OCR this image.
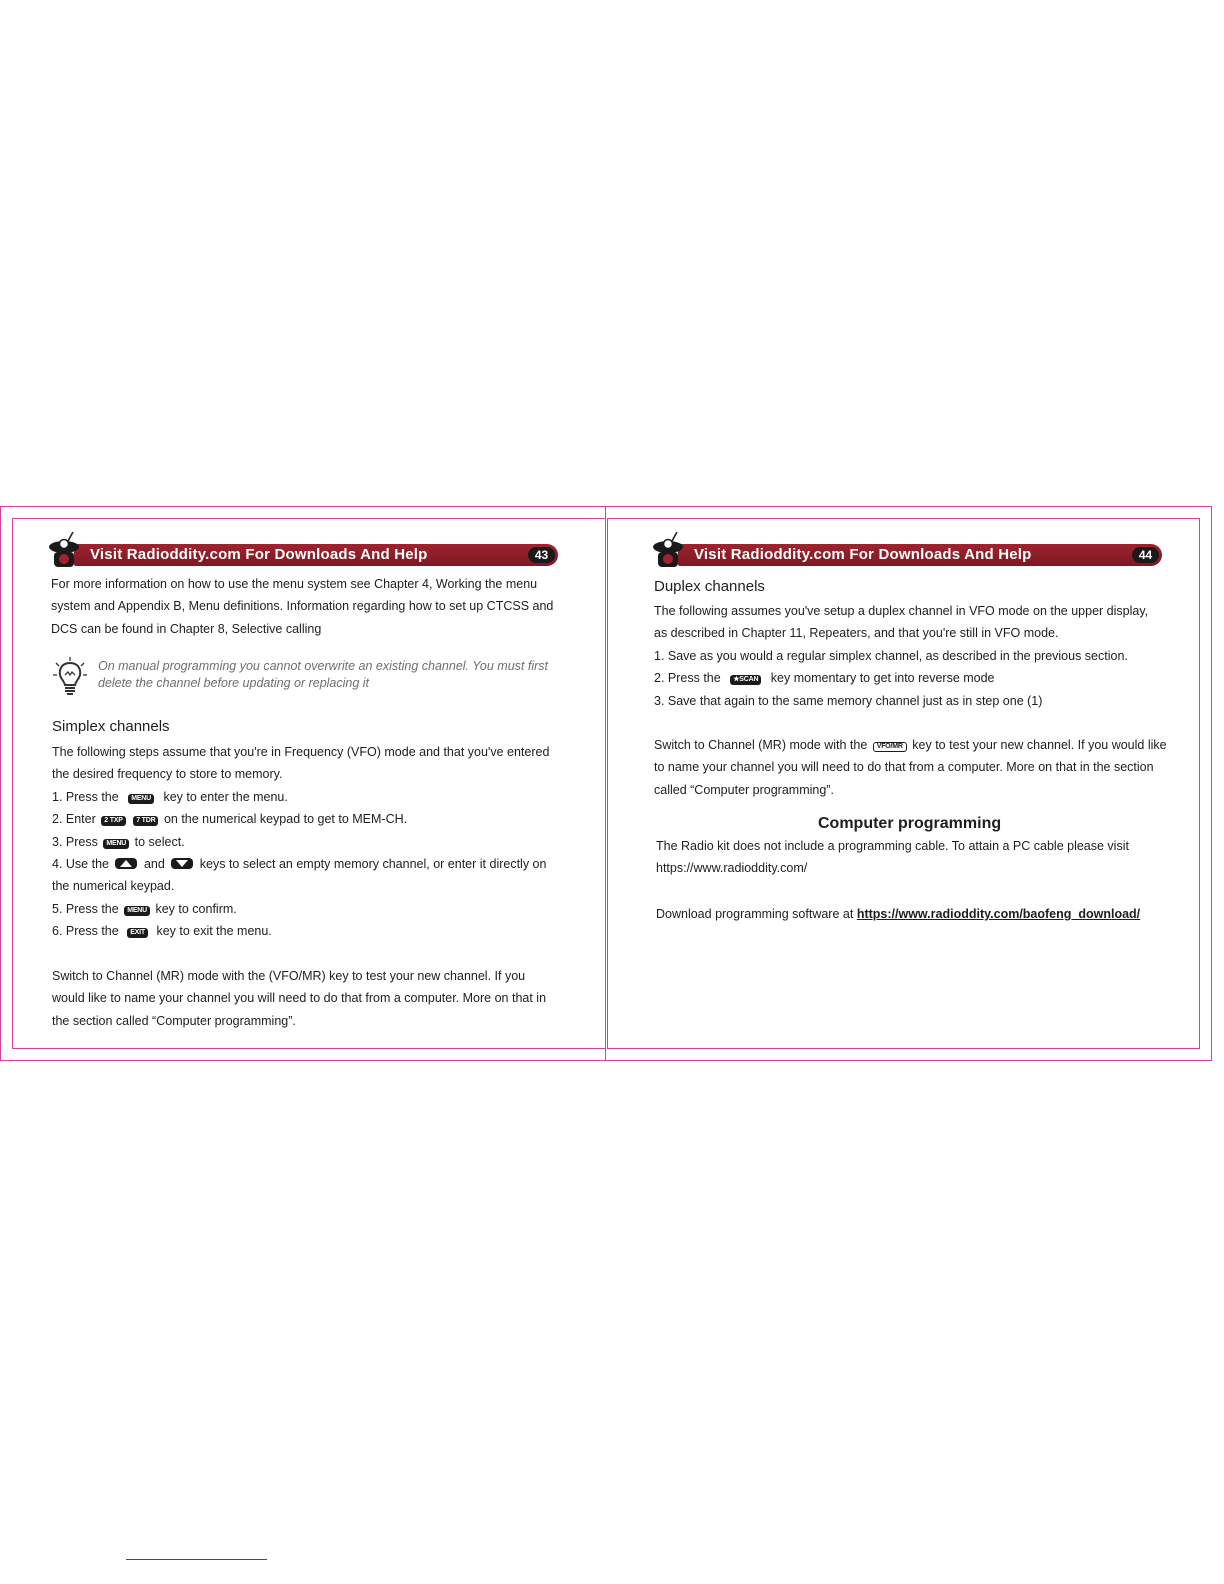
Visit Radioddity.com For Downloads And Help	43
For more information on how to use the menu system see Chapter 4, Working the menu
system and Appendix B, Menu definitions. Information regarding how to set up CTCSS and
DCS can be found in Chapter 8, Selective calling
On manual programming you cannot overwrite an existing channel. You must first
delete the channel before updating or replacing it
Simplex channels
The following steps assume that you're in Frequency (VFO) mode and that you've entered
the desired frequency to store to memory.
1. Press the MENU key to enter the menu.
2. Enter 2 TXP 7 TDR on the numerical keypad to get to MEM-CH.
3. Press MENU to select.
4. Use the	and	keys to select an empty memory channel, or enter it directly on
the numerical keypad.
5. Press the MENU key to confirm.
6. Press the EXIT key to exit the menu.
Switch to Channel (MR) mode with the (VFO/MR) key to test your new channel. If you
would like to name your channel you will need to do that from a computer. More on that in
the section called “Computer programming”.
Visit Radioddity.com For Downloads And Help	44
Duplex channels
The following assumes you've setup a duplex channel in VFO mode on the upper display,
as described in Chapter 11, Repeaters, and that you're still in VFO mode.
1. Save as you would a regular simplex channel, as described in the previous section.
2. Press the ★SCAN key momentary to get into reverse mode
3. Save that again to the same memory channel just as in step one (1)
Switch to Channel (MR) mode with the VFO/MR key to test your new channel. If you would like
to name your channel you will need to do that from a computer. More on that in the section
called “Computer programming”.
Computer programming
The Radio kit does not include a programming cable. To attain a PC cable please visit
https://www.radioddity.com/
Download programming software at https://www.radioddity.com/baofeng_download/
